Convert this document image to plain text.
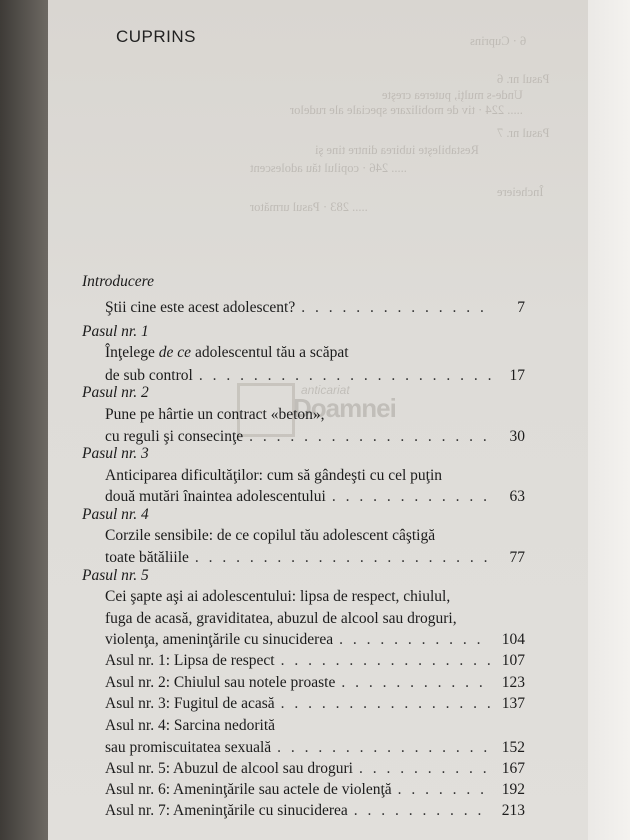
CUPRINS	6 · Cuprins
Pasul nr. 6
Unde-s mulţi, puterea creşte
..... 224 · tiv de mobilizare speciale ale rudelor
Pasul nr. 7
Restabileşte iubirea dintre tine şi
..... 246 · copilul tău adolescent
Încheiere
..... 283 · Pasul următor
anticariat
Doamnei
Introducere
Ştii cine este acest adolescent? . . .	7
Pasul nr. 1
Înţelege de ce adolescentul tău a scăpat
de sub control . . .	17
Pasul nr. 2
Pune pe hârtie un contract «beton»,
cu reguli şi consecinţe . . .	30
Pasul nr. 3
Anticiparea dificultăţilor: cum să gândeşti cu cel puţin
două mutări înaintea adolescentului . . .	63
Pasul nr. 4
Corzile sensibile: de ce copilul tău adolescent câştigă
toate bătăliile . . .	77
Pasul nr. 5
Cei şapte aşi ai adolescentului: lipsa de respect, chiulul,
fuga de acasă, graviditatea, abuzul de alcool sau droguri,
violenţa, ameninţările cu sinuciderea . . .	104
Asul nr. 1: Lipsa de respect . . .	107
Asul nr. 2: Chiulul sau notele proaste . . .	123
Asul nr. 3: Fugitul de acasă . . .	137
Asul nr. 4: Sarcina nedorită
sau promiscuitatea sexuală . . .	152
Asul nr. 5: Abuzul de alcool sau droguri . . .	167
Asul nr. 6: Ameninţările sau actele de violenţă . . .	192
Asul nr. 7: Ameninţările cu sinuciderea . . .	213
